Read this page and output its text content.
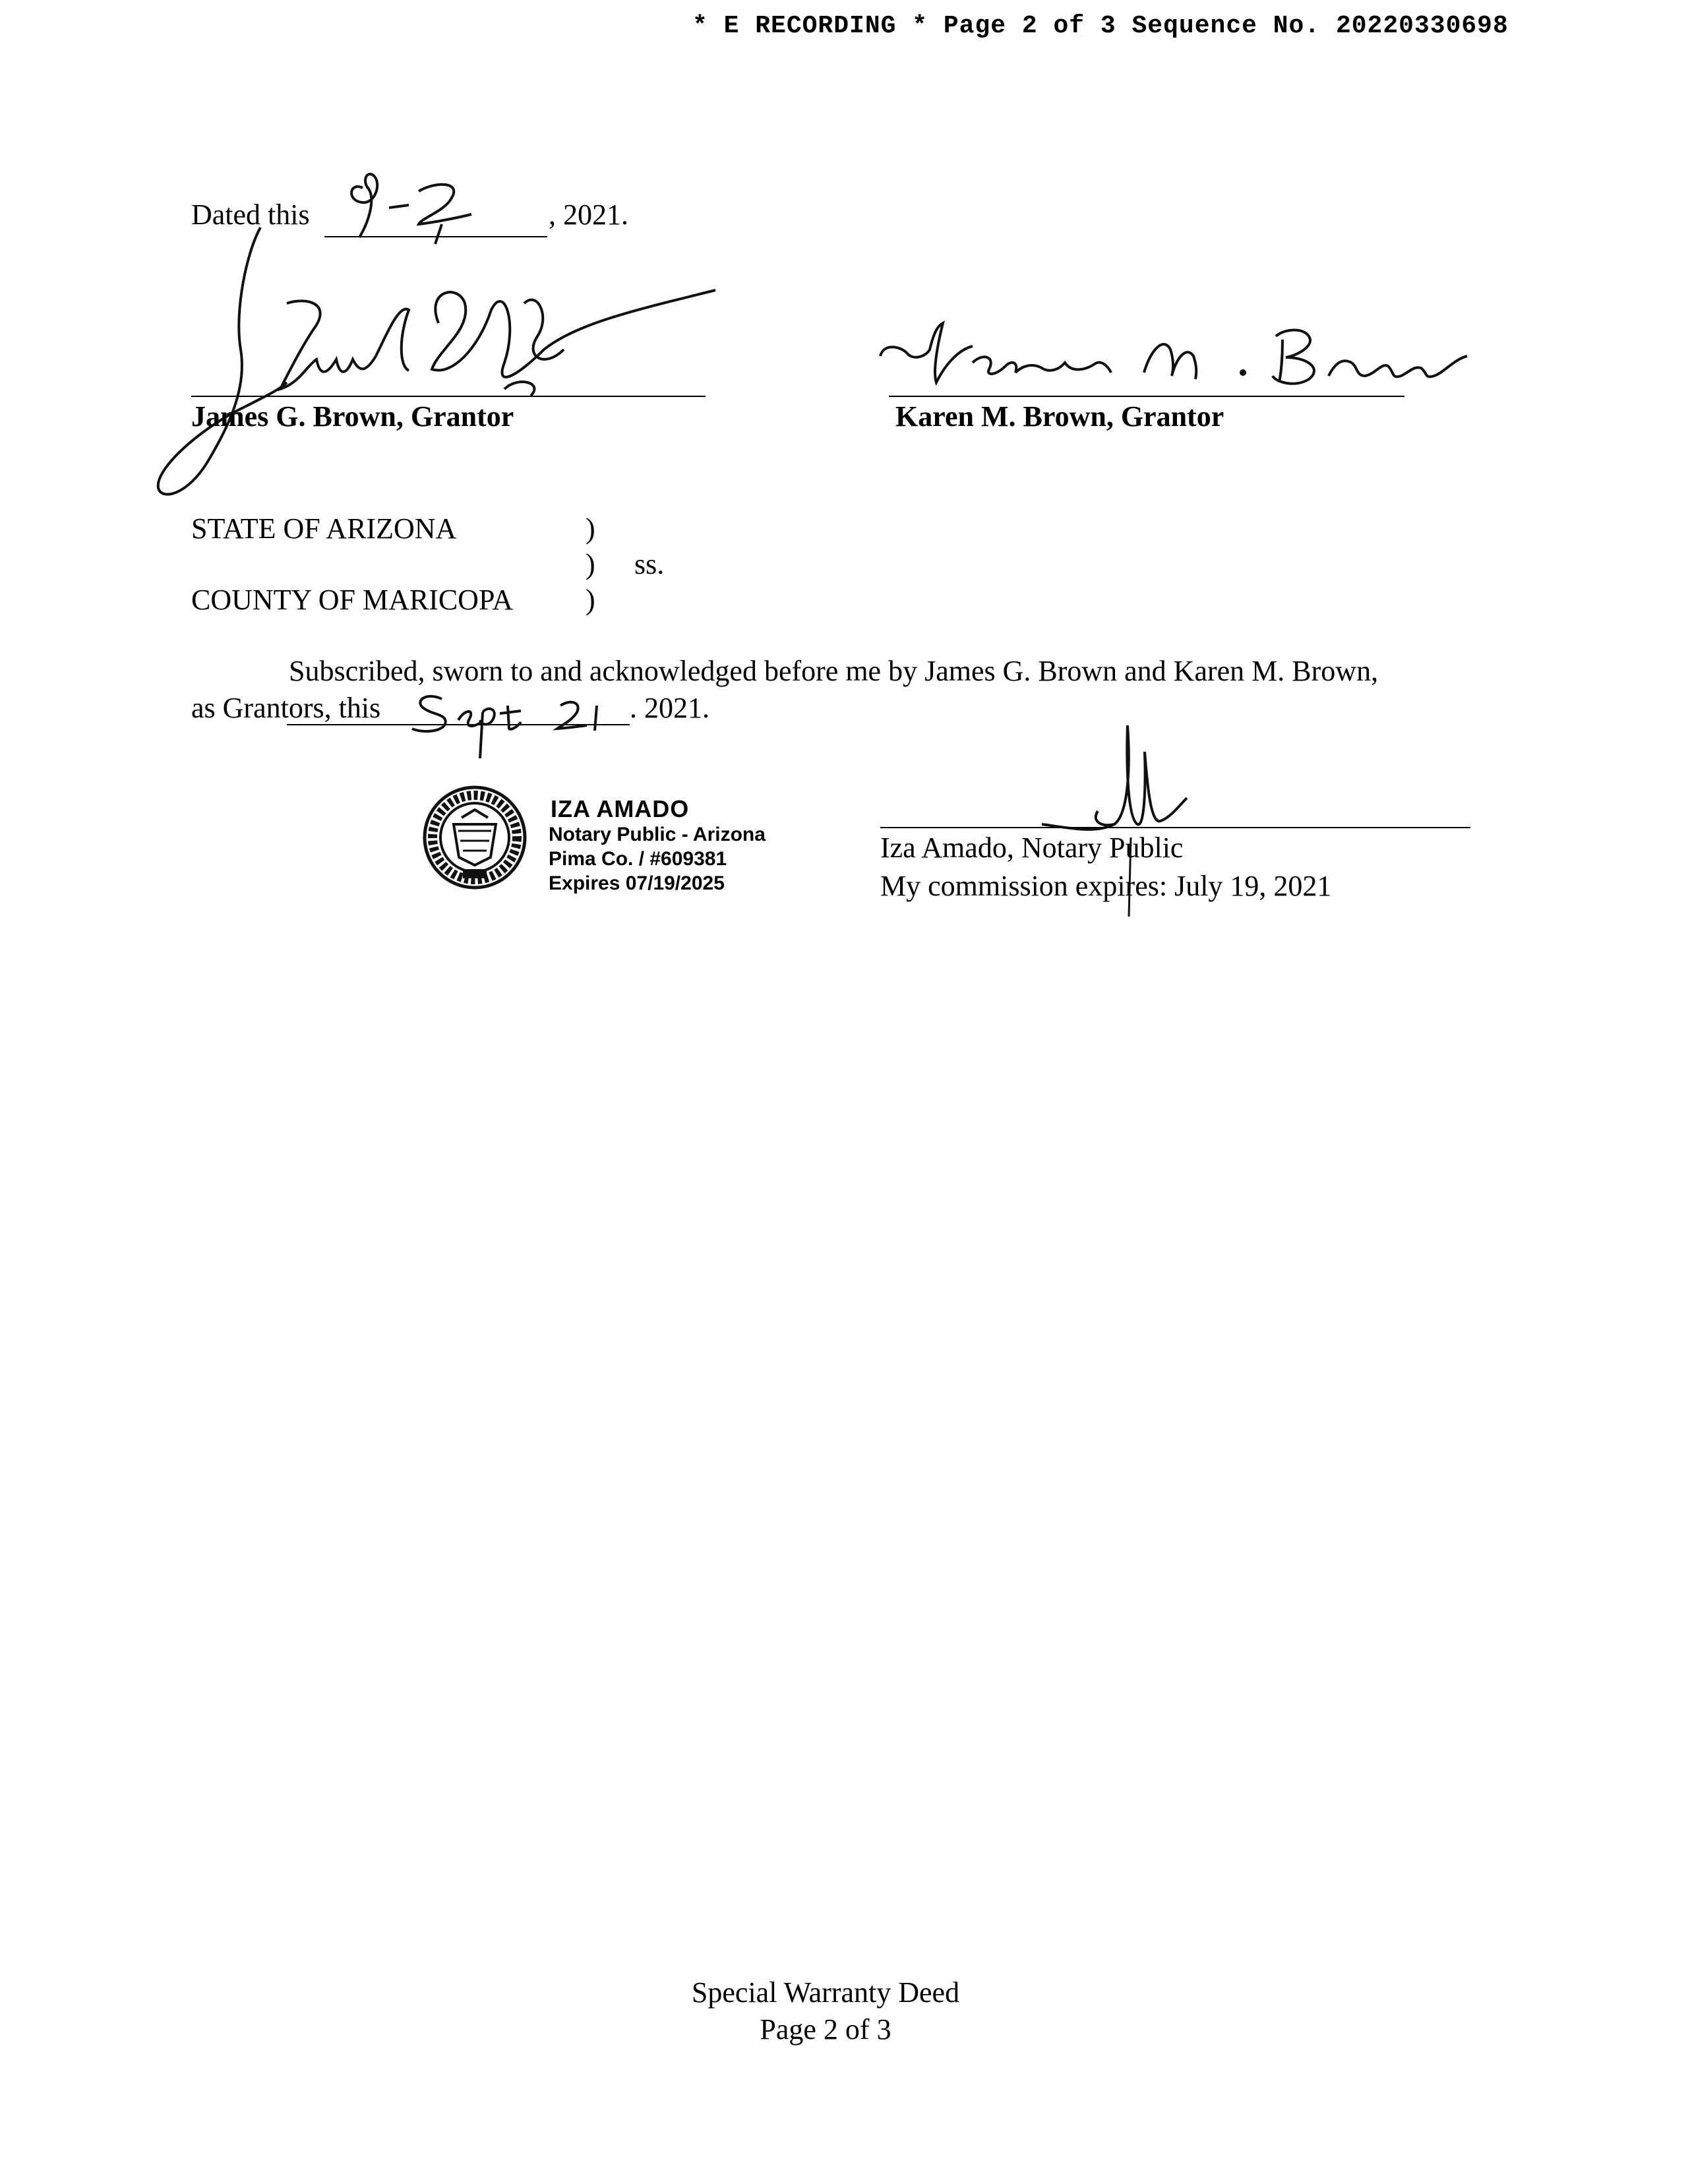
* E RECORDING * Page 2 of 3 Sequence No. 20220330698
Dated this	, 2021.
James G. Brown, Grantor	Karen M. Brown, Grantor
STATE OF ARIZONA	)
) ss.
COUNTY OF MARICOPA )
Subscribed, sworn to and acknowledged before me by James G. Brown and Karen M. Brown,
as Grantors, this	. 2021.
IZA AMADO
Notary Public - Arizona
Pima Co. / #609381
Expires 07/19/2025
Iza Amado, Notary Public
My commission expires: July 19, 2021
Special Warranty Deed
Page 2 of 3
